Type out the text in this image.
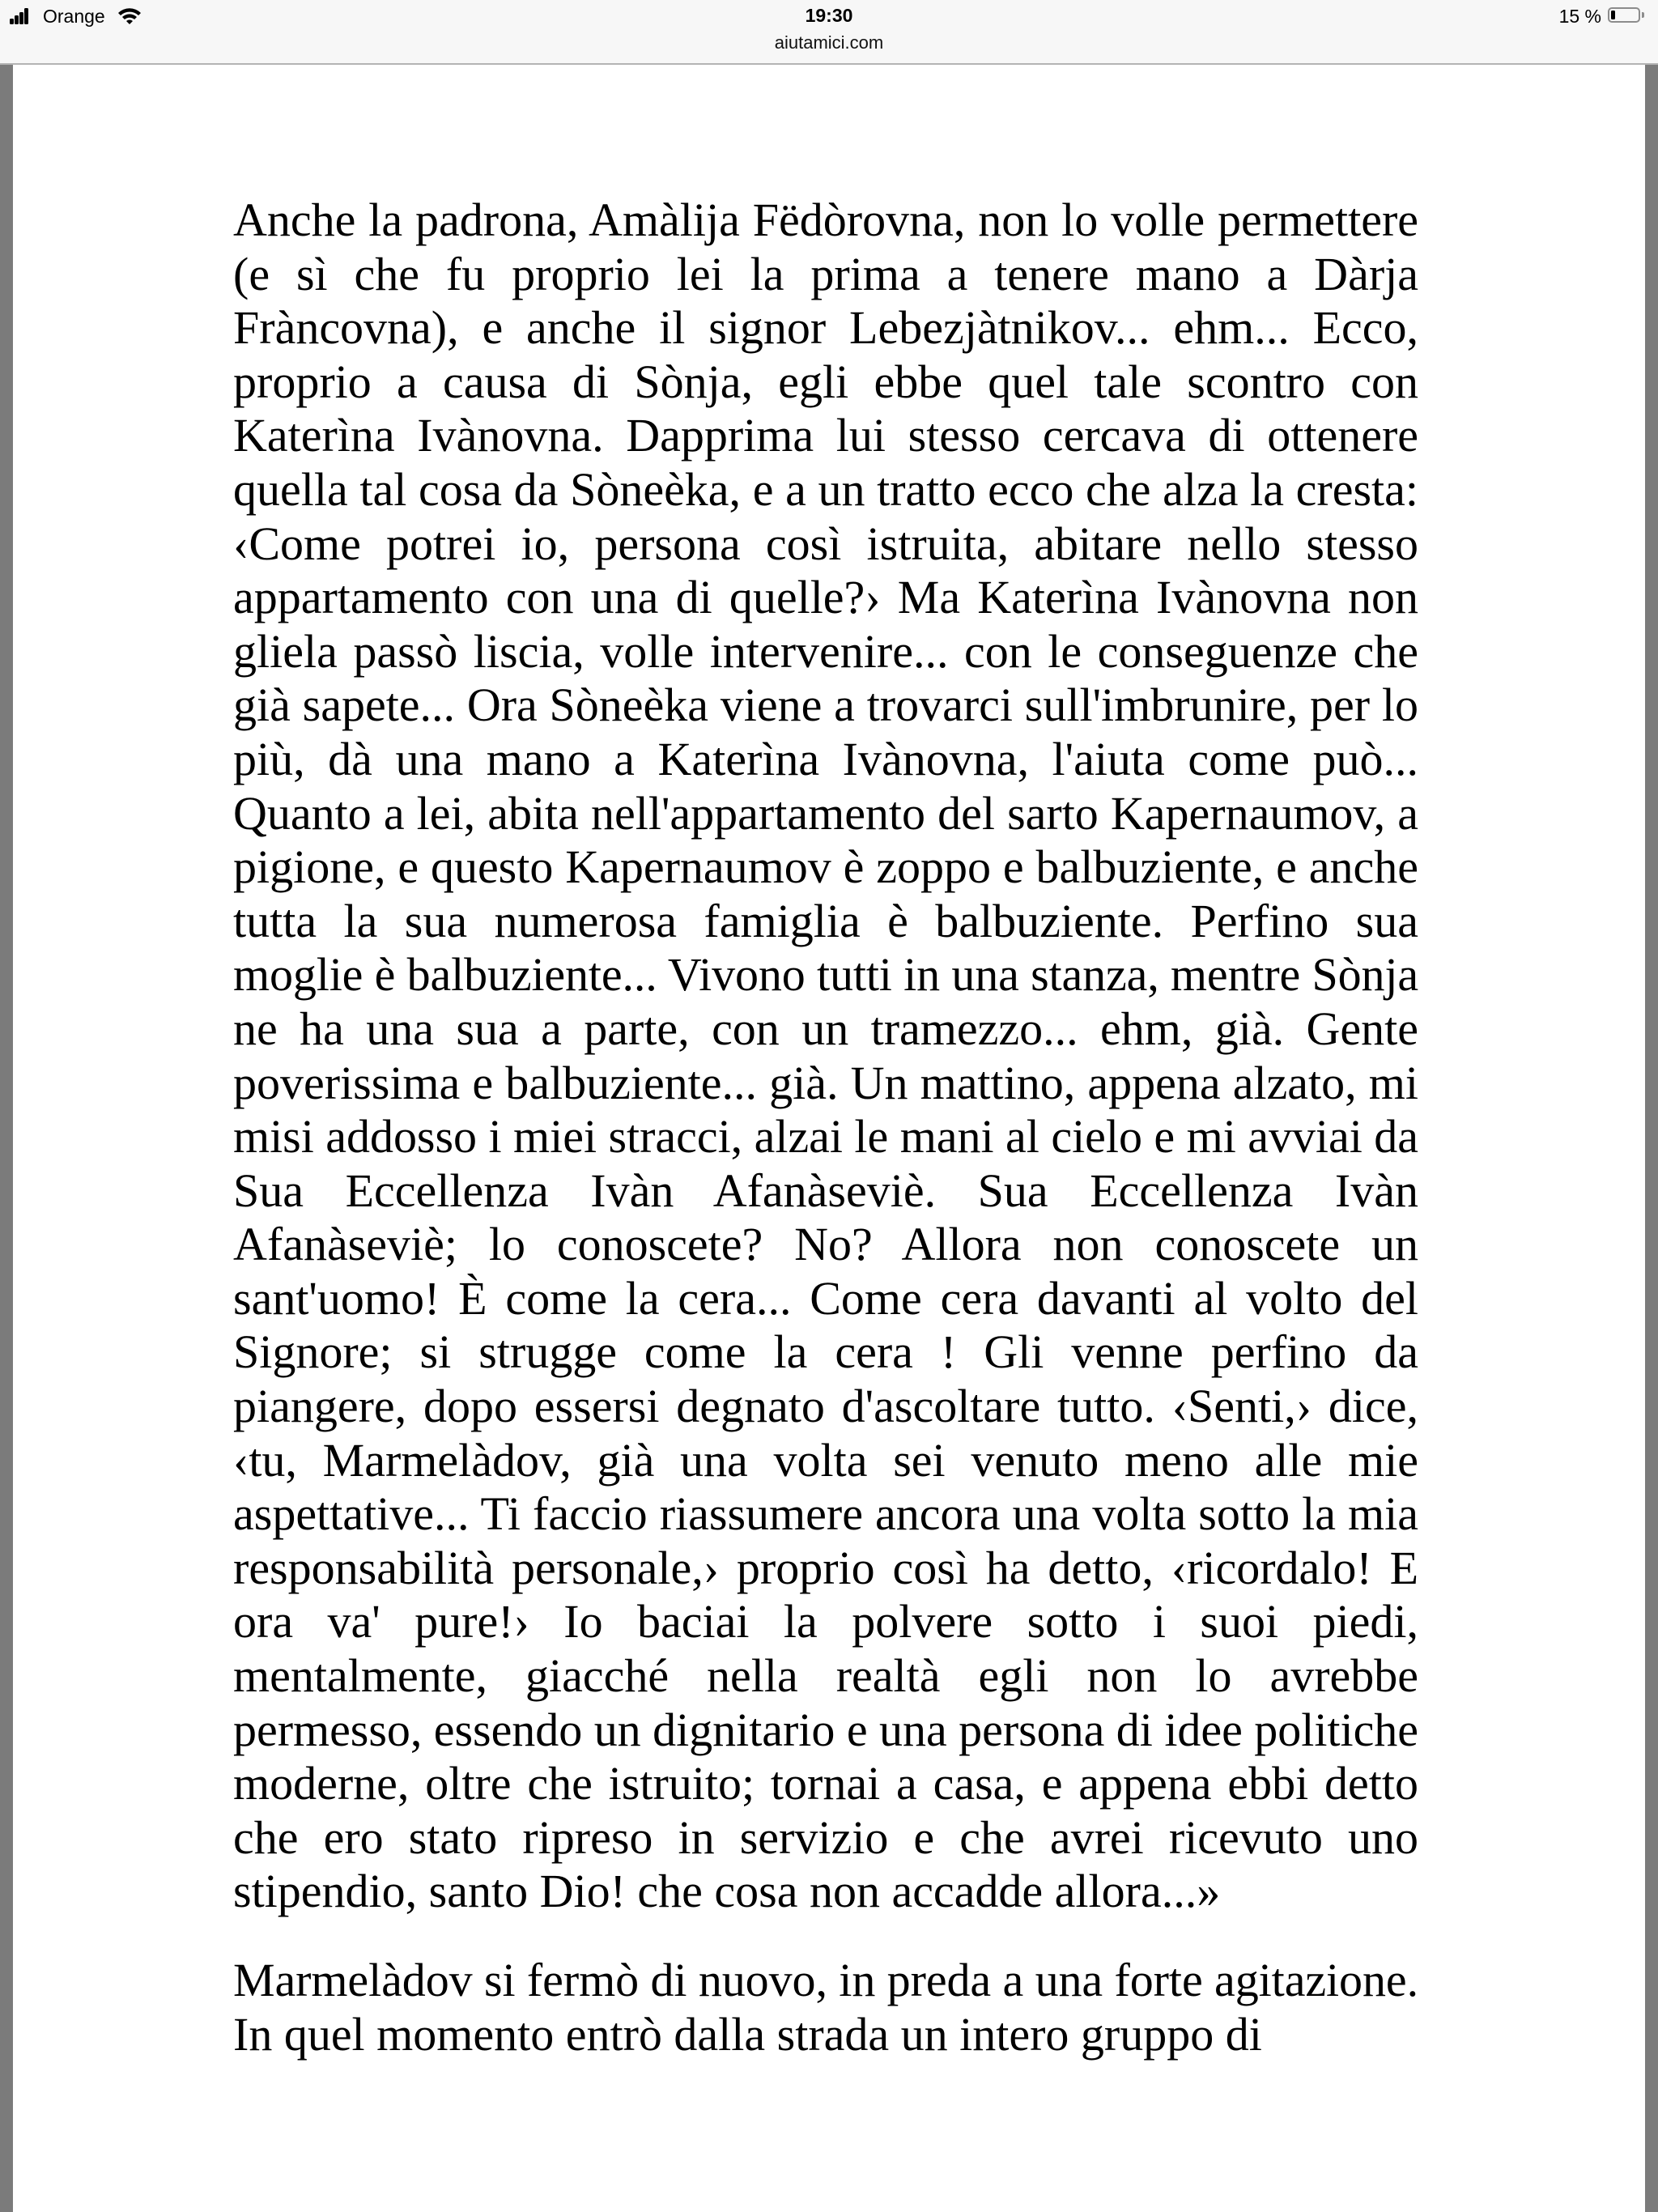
Orange	19:30
aiutamici.com
15 %
Anche la padrona, Amàlija Fëdòrovna, non lo volle permettere
(e sì che fu proprio lei la prima a tenere mano a Dàrja
Fràncovna), e anche il signor Lebezjàtnikov... ehm... Ecco,
proprio a causa di Sònja, egli ebbe quel tale scontro con
Katerìna Ivànovna. Dapprima lui stesso cercava di ottenere
quella tal cosa da Sòneèka, e a un tratto ecco che alza la cresta:
‹Come potrei io, persona così istruita, abitare nello stesso
appartamento con una di quelle?› Ma Katerìna Ivànovna non
gliela passò liscia, volle intervenire... con le conseguenze che
già sapete... Ora Sòneèka viene a trovarci sull'imbrunire, per lo
più, dà una mano a Katerìna Ivànovna, l'aiuta come può...
Quanto a lei, abita nell'appartamento del sarto Kapernaumov, a
pigione, e questo Kapernaumov è zoppo e balbuziente, e anche
tutta la sua numerosa famiglia è balbuziente. Perfino sua
moglie è balbuziente... Vivono tutti in una stanza, mentre Sònja
ne ha una sua a parte, con un tramezzo... ehm, già. Gente
poverissima e balbuziente... già. Un mattino, appena alzato, mi
misi addosso i miei stracci, alzai le mani al cielo e mi avviai da
Sua Eccellenza Ivàn Afanàseviè. Sua Eccellenza Ivàn
Afanàseviè; lo conoscete? No? Allora non conoscete un
sant'uomo! È come la cera... Come cera davanti al volto del
Signore; si strugge come la cera ! Gli venne perfino da
piangere, dopo essersi degnato d'ascoltare tutto. ‹Senti,› dice,
‹tu, Marmelàdov, già una volta sei venuto meno alle mie
aspettative... Ti faccio riassumere ancora una volta sotto la mia
responsabilità personale,› proprio così ha detto, ‹ricordalo! E
ora va' pure!› Io baciai la polvere sotto i suoi piedi,
mentalmente, giacché nella realtà egli non lo avrebbe
permesso, essendo un dignitario e una persona di idee politiche
moderne, oltre che istruito; tornai a casa, e appena ebbi detto
che ero stato ripreso in servizio e che avrei ricevuto uno
stipendio, santo Dio! che cosa non accadde allora...»
Marmelàdov si fermò di nuovo, in preda a una forte agitazione.
In quel momento entrò dalla strada un intero gruppo di
